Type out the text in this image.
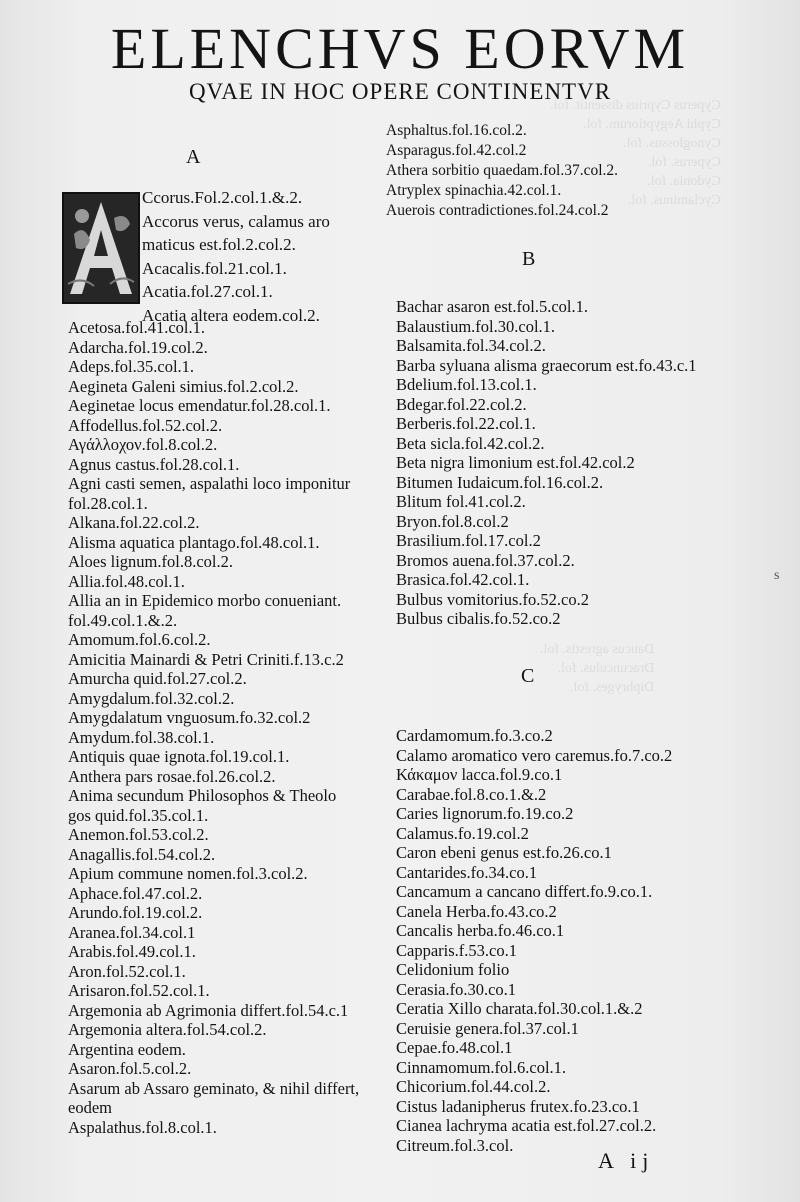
Cyperus Cyprius dissentit. fol.
Cyphi Aegyptiorum. fol.
Cynoglossus. fol.
Cyperus. fol.
Cydonia. fol.
Cyclaminus. fol.
Daucus agrestis. fol.
Dracunculus. fol.
Diphryges. fol.
ELENCHVS EORVM
QVAE IN HOC OPERE CONTINENTVR
A
B
C
Ccorus.Fol.2.col.1.&.2.
Accorus verus, calamus aro
maticus est.fol.2.col.2.
Acacalis.fol.21.col.1.
Acatia.fol.27.col.1.
Acatia altera eodem.col.2.
Acetosa.fol.41.col.1.
Adarcha.fol.19.col.2.
Adeps.fol.35.col.1.
Aegineta Galeni simius.fol.2.col.2.
Aeginetae locus emendatur.fol.28.col.1.
Affodellus.fol.52.col.2.
Αγάλλοχον.fol.8.col.2.
Agnus castus.fol.28.col.1.
Agni casti semen, aspalathi loco imponitur
fol.28.col.1.
Alkana.fol.22.col.2.
Alisma aquatica plantago.fol.48.col.1.
Aloes lignum.fol.8.col.2.
Allia.fol.48.col.1.
Allia an in Epidemico morbo conueniant.
fol.49.col.1.&.2.
Amomum.fol.6.col.2.
Amicitia Mainardi & Petri Criniti.f.13.c.2
Amurcha quid.fol.27.col.2.
Amygdalum.fol.32.col.2.
Amygdalatum vnguosum.fo.32.col.2
Amydum.fol.38.col.1.
Antiquis quae ignota.fol.19.col.1.
Anthera pars rosae.fol.26.col.2.
Anima secundum Philosophos & Theolo
gos quid.fol.35.col.1.
Anemon.fol.53.col.2.
Anagallis.fol.54.col.2.
Apium commune nomen.fol.3.col.2.
Aphace.fol.47.col.2.
Arundo.fol.19.col.2.
Aranea.fol.34.col.1
Arabis.fol.49.col.1.
Aron.fol.52.col.1.
Arisaron.fol.52.col.1.
Argemonia ab Agrimonia differt.fol.54.c.1
Argemonia altera.fol.54.col.2.
Argentina eodem.
Asaron.fol.5.col.2.
Asarum ab Assaro geminato, & nihil differt,
eodem
Aspalathus.fol.8.col.1.
Asphaltus.fol.16.col.2.
Asparagus.fol.42.col.2
Athera sorbitio quaedam.fol.37.col.2.
Atryplex spinachia.42.col.1.
Auerois contradictiones.fol.24.col.2
Bachar asaron est.fol.5.col.1.
Balaustium.fol.30.col.1.
Balsamita.fol.34.col.2.
Barba syluana alisma graecorum est.fo.43.c.1
Bdelium.fol.13.col.1.
Bdegar.fol.22.col.2.
Berberis.fol.22.col.1.
Beta sicla.fol.42.col.2.
Beta nigra limonium est.fol.42.col.2
Bitumen Iudaicum.fol.16.col.2.
Blitum fol.41.col.2.
Bryon.fol.8.col.2
Brasilium.fol.17.col.2
Bromos auena.fol.37.col.2.
Brasica.fol.42.col.1.
Bulbus vomitorius.fo.52.co.2
Bulbus cibalis.fo.52.co.2
Cardamomum.fo.3.co.2
Calamo aromatico vero caremus.fo.7.co.2
Κάκαμον lacca.fol.9.co.1
Carabae.fol.8.co.1.&.2
Caries lignorum.fo.19.co.2
Calamus.fo.19.col.2
Caron ebeni genus est.fo.26.co.1
Cantarides.fo.34.co.1
Cancamum a cancano differt.fo.9.co.1.
Canela Herba.fo.43.co.2
Cancalis herba.fo.46.co.1
Capparis.f.53.co.1
Celidonium folio
Cerasia.fo.30.co.1
Ceratia Xillo charata.fol.30.col.1.&.2
Ceruisie genera.fol.37.col.1
Cepae.fo.48.col.1
Cinnamomum.fol.6.col.1.
Chicorium.fol.44.col.2.
Cistus ladanipherus frutex.fo.23.co.1
Cianea lachryma acatia est.fol.27.col.2.
Citreum.fol.3.col.
A ij
s
